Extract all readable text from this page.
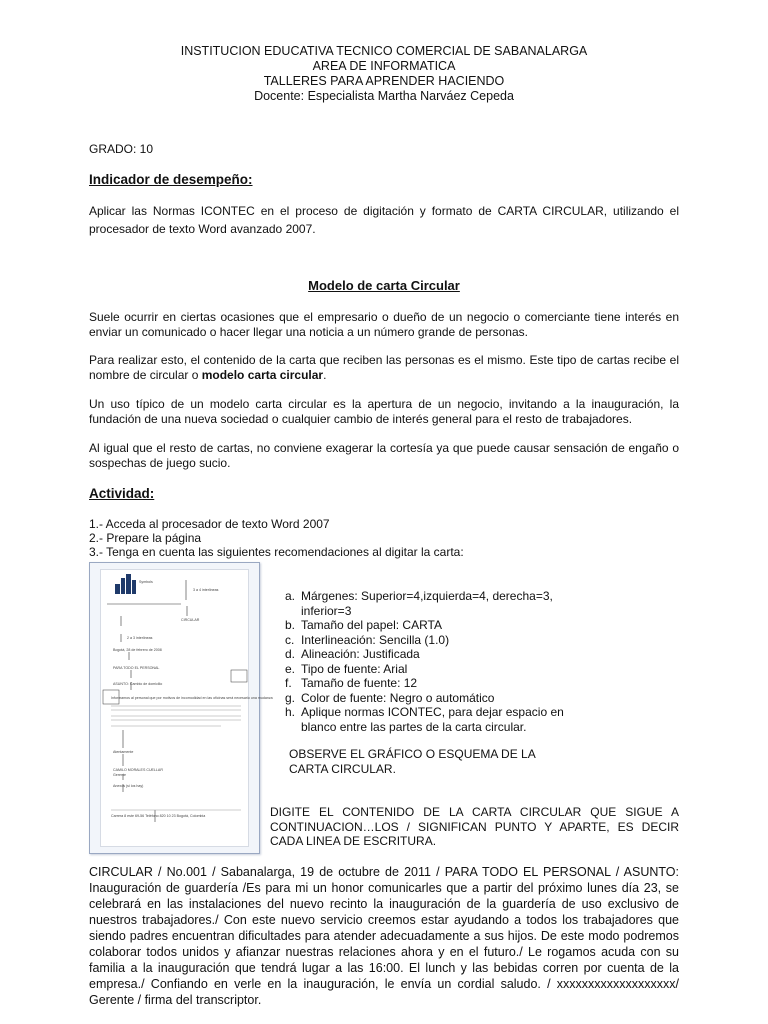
INSTITUCION EDUCATIVA TECNICO COMERCIAL DE SABANALARGA
AREA DE INFORMATICA
TALLERES PARA APRENDER HACIENDO
Docente: Especialista Martha Narváez Cepeda
GRADO: 10
Indicador de desempeño:
Aplicar las Normas ICONTEC en el proceso de digitación y formato de CARTA CIRCULAR, utilizando el procesador de texto Word avanzado 2007.
Modelo de carta Circular
Suele ocurrir en ciertas ocasiones que el empresario o dueño de un negocio o comerciante tiene interés en enviar un comunicado o hacer llegar una noticia a un número grande de personas.
Para realizar esto, el contenido de la carta que reciben las personas es el mismo. Este tipo de cartas recibe el nombre de circular o modelo carta circular.
Un uso típico de un modelo carta circular es la apertura de un negocio, invitando a la inauguración, la fundación de una nueva sociedad o cualquier cambio de interés general para el resto de trabajadores.
Al igual que el resto de cartas, no conviene exagerar la cortesía ya que puede causar sensación de engaño o sospechas de juego sucio.
Actividad:
1.- Acceda al procesador de texto Word 2007
2.- Prepare la página
3.- Tenga en cuenta las siguientes recomendaciones al digitar la carta:
Symbols
3 a 4 interlineas
CIRCULAR
2 a 3 interlineas
Bogotá, 28 de febrero de 2008
PARA TODO EL PERSONAL
ASUNTO: Cambio de domicilio
Informamos al personal que por motivos de incomodidad en las oficinas será necesario una mudanza
Atentamente
CAMILO MORALES CUELLAR
Gerente
Anexos (si los hay)
Carrera 8 este 69-56 Teléfono 820 10 23 Bogotá, Colombia
a. Márgenes: Superior=4,izquierda=4, derecha=3, inferior=3
b. Tamaño del papel: CARTA
c. Interlineación: Sencilla (1.0)
d. Alineación: Justificada
e. Tipo de fuente: Arial
f. Tamaño de fuente: 12
g. Color de fuente: Negro o automático
h. Aplique normas ICONTEC, para dejar espacio en blanco entre las partes de la carta circular.
OBSERVE EL GRÁFICO O ESQUEMA DE LA CARTA CIRCULAR.
DIGITE EL CONTENIDO DE LA CARTA CIRCULAR QUE SIGUE A CONTINUACION…LOS / SIGNIFICAN PUNTO Y APARTE, ES DECIR CADA LINEA DE ESCRITURA.
CIRCULAR / No.001 / Sabanalarga, 19 de octubre de 2011 / PARA TODO EL PERSONAL / ASUNTO: Inauguración de guardería /Es para mi un honor comunicarles que a partir del próximo lunes día 23, se celebrará en las instalaciones del nuevo recinto la inauguración de la guardería de uso exclusivo de nuestros trabajadores./ Con este nuevo servicio creemos estar ayudando a todos los trabajadores que siendo padres encuentran dificultades para atender adecuadamente a sus hijos. De este modo podremos colaborar todos unidos y afianzar nuestras relaciones ahora y en el futuro./ Le rogamos acuda con su familia a la inauguración que tendrá lugar a las 16:00. El lunch y las bebidas corren por cuenta de la empresa./ Confiando en verle en la inauguración, le envía un cordial saludo. / xxxxxxxxxxxxxxxxxxx/ Gerente / firma del transcriptor.
